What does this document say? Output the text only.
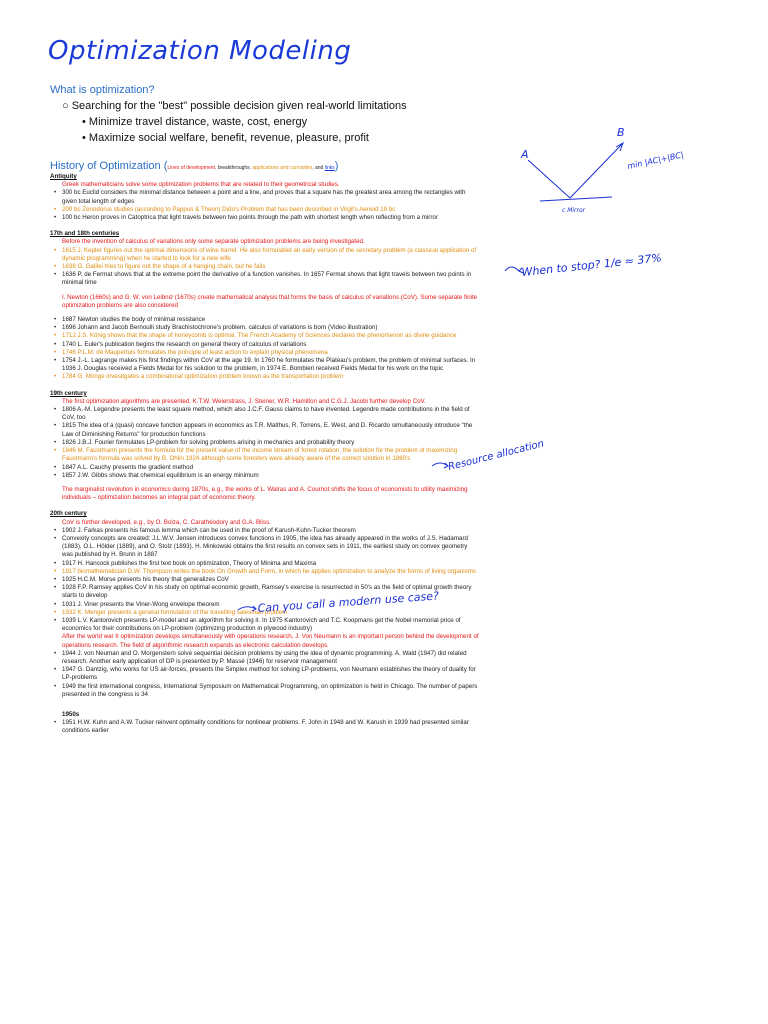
Optimization Modeling
What is optimization?
○ Searching for the "best" possible decision given real-world limitations
• Minimize travel distance, waste, cost, energy
• Maximize social welfare, benefit, revenue, pleasure, profit
History of Optimization (Lines of development, breakthroughs, applications and curiosities, and links)
Antiquity
Greek mathematicians solve some optimization problems that are related to their geometrical studies.
• 300 bc Euclid considers the minimal distance between a point and a line, and proves that a square has the greatest area among the rectangles with given total length of edges
• 200 bc Zenodorus studies (according to Pappus & Theon) Dido's Problem that has been described in Virgil's Aeneid 19 bc
• 100 bc Heron proves in Catoptrica that light travels between two points through the path with shortest length when reflecting from a mirror
17th and 18th centuries
Before the invention of calculus of variations only some separate optimization problems are being investigated.
• 1615 J. Kepler figures out the optimal dimensions of wine barrel. He also formulated an early version of the secretary problem (a classical application of dynamic programming) when he started to look for a new wife
• 1638 G. Galilei tries to figure out the shape of a hanging chain, but he fails
• 1636 P. de Fermat shows that at the extreme point the derivative of a function vanishes. In 1657 Fermat shows that light travels between two points in minimal time
I. Newton (1660s) and G. W. von Leibniz (1670s) create mathematical analysis that forms the basis of calculus of variations (CoV). Some separate finite optimization problems are also considered
• 1687 Newton studies the body of minimal resistance
• 1696 Johann and Jacob Bernoulli study Brachistochrone's problem, calculus of variations is born (Video illustration)
• 1712 J.S. König shows that the shape of honeycomb is optimal. The French Academy of Sciences declares the phenomenon as divine guidance
• 1740 L. Euler's publication begins the research on general theory of calculus of variations
• 1746 P.L.M. de Maupertuis formulates the principle of least action to explain physical phenomena
• 1754 J.-L. Lagrange makes his first findings within CoV at the age 19. In 1760 he formulates the Plateau's problem, the problem of minimal surfaces. In 1936 J. Douglas received a Fields Medal for his solution to the problem, in 1974 E. Bombieri received Fields Medal for his work on the topic
• 1784 G. Monge investigates a combinatorial optimization problem known as the transportation problem
19th century
The first optimization algorithms are presented. K.T.W. Weierstrass, J. Steiner, W.R. Hamilton and C.G.J. Jacobi further develop CoV.
• 1806 A.-M. Legendre presents the least square method, which also J.C.F. Gauss claims to have invented. Legendre made contributions in the field of CoV, too
• 1815 The idea of a (quasi) concave function appears in economics as T.R. Malthus, R. Torrens, E. West, and D. Ricardo simultaneously introduce "the Law of Diminishing Returns" for production functions
• 1826 J.B.J. Fourier formulates LP-problem for solving problems arising in mechanics and probability theory
• 1846 M. Faustmann presents the formula for the present value of the income stream of forest rotation, the solution for the problem of maximizing Faustmann's formula was solved by B. Ohlin 1924 although some foresters were already aware of the correct solution in 1860's
• 1847 A.L. Cauchy presents the gradient method
• 1857 J.W. Gibbs shows that chemical equilibrium is an energy minimum
The marginalist revolution in economics during 1870s, e.g., the works of L. Walras and A. Cournot shifts the focus of economists to utility maximizing individuals – optimization becomes an integral part of economic theory.
20th century
CoV is further developed, e.g., by O. Bolza, C. Carathéodory and G.A. Bliss.
• 1902 J. Farkas presents his famous lemma which can be used in the proof of Karush-Kuhn-Tucker theorem
• Convexity concepts are created: J.L.W.V. Jensen introduces convex functions in 1905, the idea has already appeared in the works of J.S. Hadamard (1883), O.L. Hölder (1889), and O. Stolz (1893). H. Minkowski obtains the first results on convex sets in 1911, the earliest study on convex geometry was published by H. Brunn in 1887
• 1917 H. Hancock publishes the first text book on optimization, Theory of Minima and Maxima
• 1917 biomathematician D.W. Thompson writes the book On Growth and Form, in which he applies optimization to analyze the forms of living organisms
• 1925 H.C.M. Morse presents his theory that generalizes CoV
• 1928 F.P. Ramsey applies CoV in his study on optimal economic growth, Ramsey's exercise is resurrected in 50's as the field of optimal growth theory starts to develop
• 1931 J. Viner presents the Viner-Wong envelope theorem
• 1932 K. Menger presents a general formulation of the travelling salesman problem
• 1939 L.V. Kantorovich presents LP-model and an algorithm for solving it. In 1975 Kantorovich and T.C. Koopmans get the Nobel memorial price of economics for their contributions on LP-problem (optimizing production in plywood industry)
After the world war II optimization develops simultaneously with operations research, J. Von Neumann is an important person behind the development of operations research. The field of algorithmic research expands as electronic calculation develops.
• 1944 J. von Neuman and O. Morgenstern solve sequential decision problems by using the idea of dynamic programming. A. Wald (1947) did related research. Another early application of DP is presented by P. Massé (1946) for reservoir management
• 1947 G. Dantzig, who works for US air-forces, presents the Simplex method for solving LP-problems, von Neumann establishes the theory of duality for LP-problems
• 1949 the first international congress, International Symposium on Mathematical Programming, on optimization is held in Chicago. The number of papers presented in the congress is 34
1950s
• 1951 H.W. Kuhn and A.W. Tucker reinvent optimality conditions for nonlinear problems. F. John in 1948 and W. Karush in 1939 had presented similar conditions earlier
A
B
min |AC|+|BC|
c Mirror
When to stop? 1/e ≈ 37%
Resource allocation
Can you call a modern use case?
